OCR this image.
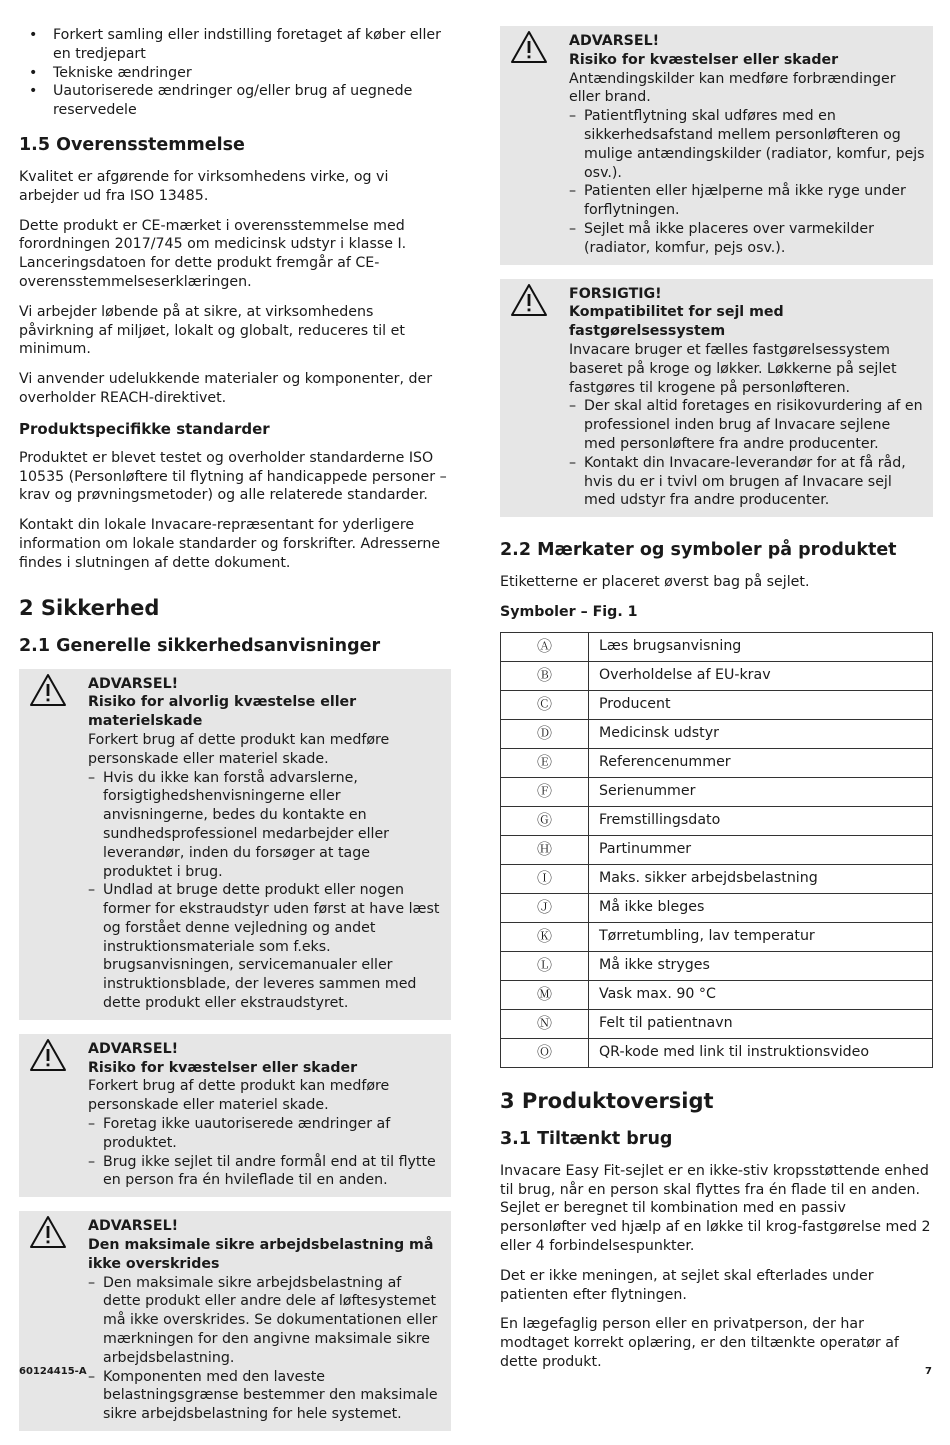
• Forkert samling eller indstilling foretaget af køber eller en tredjepart
• Tekniske ændringer
• Uautoriserede ændringer og/eller brug af uegnede reservedele
1.5 Overensstemmelse

Kvalitet er afgørende for virksomhedens virke, og vi arbejder ud fra ISO 13485.

Dette produkt er CE-mærket i overensstemmelse med forordningen 2017/745 om medicinsk udstyr i klasse I. Lanceringsdatoen for dette produkt fremgår af CE-overensstemmelseserklæringen.

Vi arbejder løbende på at sikre, at virksomhedens påvirkning af miljøet, lokalt og globalt, reduceres til et minimum.

Vi anvender udelukkende materialer og komponenter, der overholder REACH-direktivet.

Produktspecifikke standarder

Produktet er blevet testet og overholder standarderne ISO 10535 (Personløftere til flytning af handicappede personer – krav og prøvningsmetoder) og alle relaterede standarder.

Kontakt din lokale Invacare-repræsentant for yderligere information om lokale standarder og forskrifter. Adresserne findes i slutningen af dette dokument.

2 Sikkerhed
2.1 Generelle sikkerhedsanvisninger
ADVARSEL!
Risiko for alvorlig kvæstelse eller materielskade
Forkert brug af dette produkt kan medføre personskade eller materiel skade.
– Hvis du ikke kan forstå advarslerne, forsigtighedshenvisningerne eller anvisningerne, bedes du kontakte en sundhedsprofessionel medarbejder eller leverandør, inden du forsøger at tage produktet i brug.
– Undlad at bruge dette produkt eller nogen former for ekstraudstyr uden først at have læst og forstået denne vejledning og andet instruktionsmateriale som f.eks. brugsanvisningen, servicemanualer eller instruktionsblade, der leveres sammen med dette produkt eller ekstraudstyret.
ADVARSEL!
Risiko for kvæstelser eller skader
Forkert brug af dette produkt kan medføre personskade eller materiel skade.
– Foretag ikke uautoriserede ændringer af produktet.
– Brug ikke sejlet til andre formål end at til flytte en person fra én hvileflade til en anden.
ADVARSEL!
Den maksimale sikre arbejdsbelastning må ikke overskrides
– Den maksimale sikre arbejdsbelastning af dette produkt eller andre dele af løftesystemet må ikke overskrides. Se dokumentationen eller mærkningen for den angivne maksimale sikre arbejdsbelastning.
– Komponenten med den laveste belastningsgrænse bestemmer den maksimale sikre arbejdsbelastning for hele systemet.
ADVARSEL!
Risiko for kvæstelser eller skader
Antændingskilder kan medføre forbrændinger eller brand.
– Patientflytning skal udføres med en sikkerhedsafstand mellem personløfteren og mulige antændingskilder (radiator, komfur, pejs osv.).
– Patienten eller hjælperne må ikke ryge under forflytningen.
– Sejlet må ikke placeres over varmekilder (radiator, komfur, pejs osv.).
FORSIGTIG!
Kompatibilitet for sejl med fastgørelsessystem
Invacare bruger et fælles fastgørelsessystem baseret på kroge og løkker. Løkkerne på sejlet fastgøres til krogene på personløfteren.
– Der skal altid foretages en risikovurdering af en professionel inden brug af Invacare sejlene med personløftere fra andre producenter.
– Kontakt din Invacare-leverandør for at få råd, hvis du er i tvivl om brugen af Invacare sejl med udstyr fra andre producenter.
2.2 Mærkater og symboler på produktet

Etiketterne er placeret øverst bag på sejlet.

Symboler – Fig. 1
Ⓐ	Læs brugsanvisning
Ⓑ	Overholdelse af EU-krav
Ⓒ	Producent
Ⓓ	Medicinsk udstyr
Ⓔ	Referencenummer
Ⓕ	Serienummer
Ⓖ	Fremstillingsdato
Ⓗ	Partinummer
Ⓘ	Maks. sikker arbejdsbelastning
Ⓙ	Må ikke bleges
Ⓚ	Tørretumbling, lav temperatur
Ⓛ	Må ikke stryges
Ⓜ	Vask max. 90 °C
Ⓝ	Felt til patientnavn
Ⓞ	QR-kode med link til instruktionsvideo
3 Produktoversigt
3.1 Tiltænkt brug

Invacare Easy Fit-sejlet er en ikke-stiv kropsstøttende enhed til brug, når en person skal flyttes fra én flade til en anden. Sejlet er beregnet til kombination med en passiv personløfter ved hjælp af en løkke til krog-fastgørelse med 2 eller 4 forbindelsespunkter.

Det er ikke meningen, at sejlet skal efterlades under patienten efter flytningen.

En lægefaglig person eller en privatperson, der har modtaget korrekt oplæring, er den tiltænkte operatør af dette produkt.

60124415-A	7
